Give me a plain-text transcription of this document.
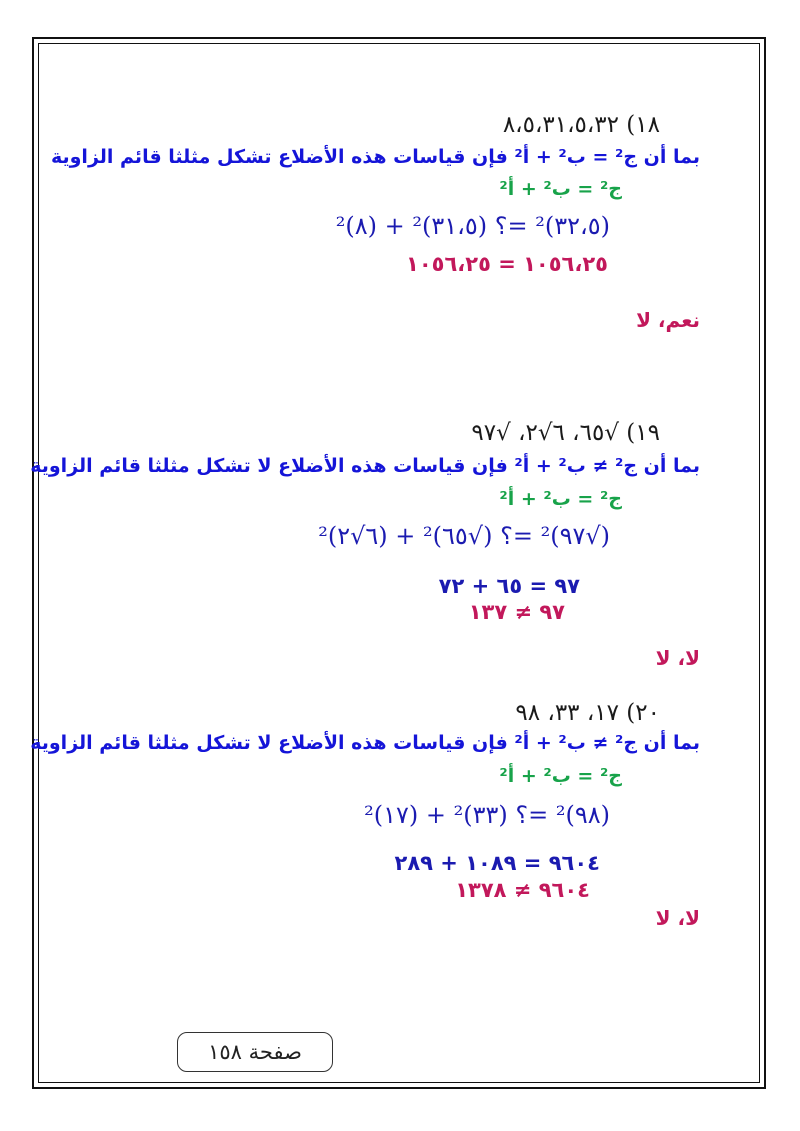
١٨) ٨،٥،٣١،٥،٣٢
بما أن ج² = ب² + أ² فإن قياسات هذه الأضلاع تشكل مثلثا قائم الزاوية
ج² = ب² + أ²
(٣٢،٥)² =؟ (٣١،٥)² + (٨)²
١٠٥٦،٢٥ = ١٠٥٦،٢٥
نعم، لا
١٩) √٦٥، ٦√٢، √٩٧
بما أن ج² ≠ ب² + أ² فإن قياسات هذه الأضلاع لا تشكل مثلثا قائم الزاوية
ج² = ب² + أ²
(√٩٧)² =؟ (√٦٥)² + (٦√٢)²
٩٧ = ٦٥ + ٧٢
٩٧ ≠ ١٣٧
لا، لا
٢٠) ١٧، ٣٣، ٩٨
بما أن ج² ≠ ب² + أ² فإن قياسات هذه الأضلاع لا تشكل مثلثا قائم الزاوية
ج² = ب² + أ²
(٩٨)² =؟ (٣٣)² + (١٧)²
٩٦٠٤ = ١٠٨٩ + ٢٨٩
٩٦٠٤ ≠ ١٣٧٨
لا، لا
صفحة ١٥٨
